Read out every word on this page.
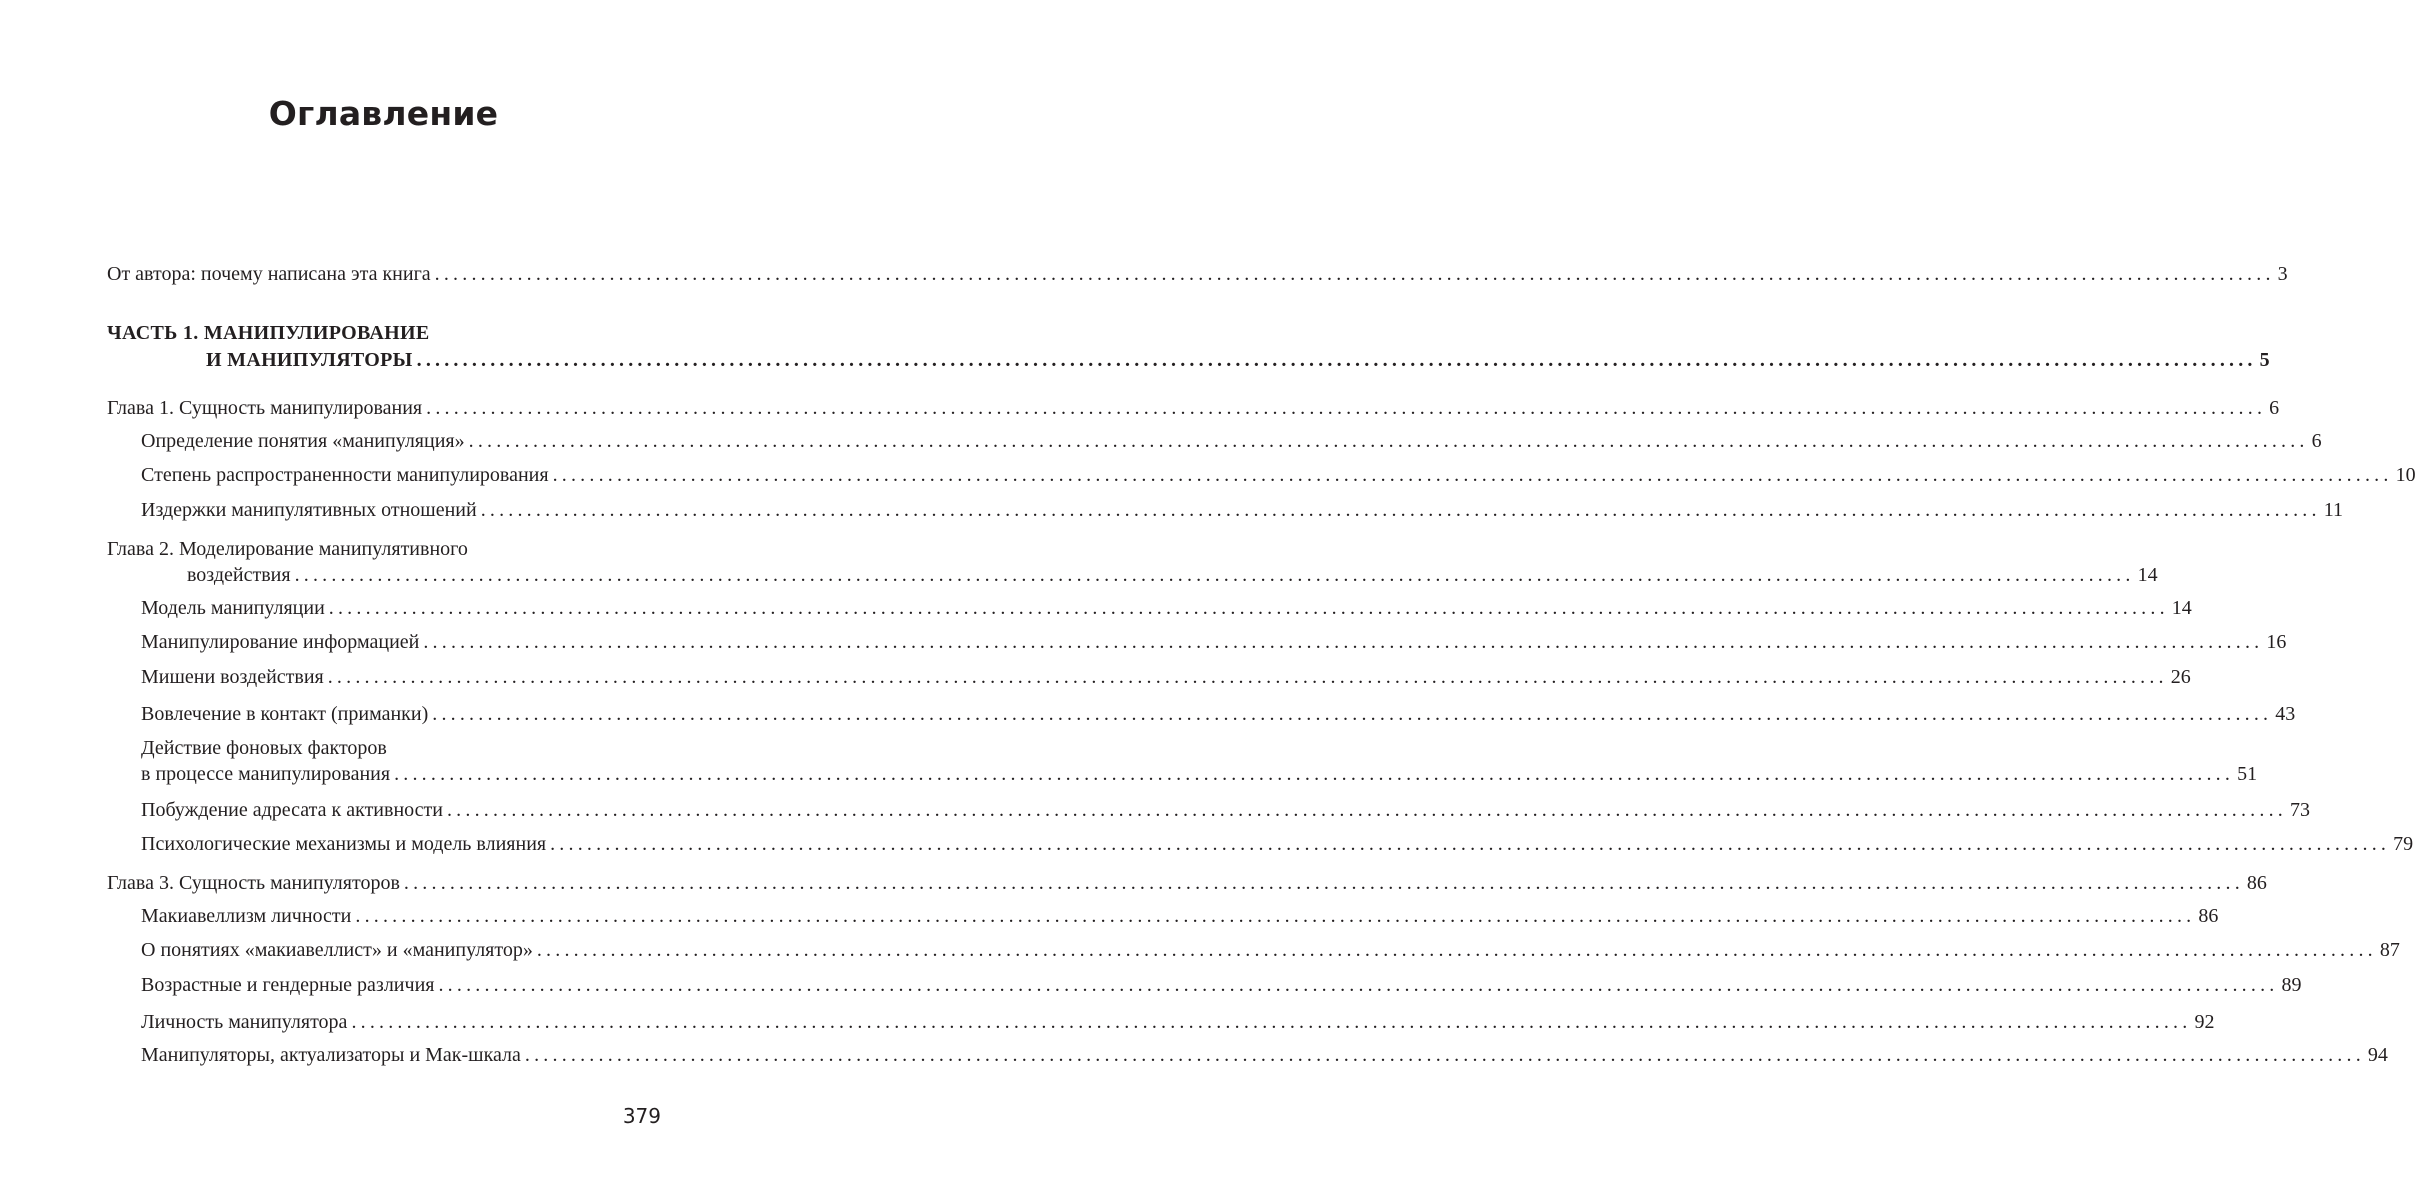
Оглавление
От автора: почему написана эта книга ........................................................................................................................................................................................................ 3
ЧАСТЬ 1. МАНИПУЛИРОВАНИЕ
И МАНИПУЛЯТОРЫ ........................................................................................................................................................................................................ 5
Глава 1. Сущность манипулирования ........................................................................................................................................................................................................ 6
Определение понятия «манипуляция» ........................................................................................................................................................................................................ 6
Степень распространенности манипулирования ........................................................................................................................................................................................................ 10
Издержки манипулятивных отношений ........................................................................................................................................................................................................ 11
Глава 2. Моделирование манипулятивного
воздействия ........................................................................................................................................................................................................ 14
Модель манипуляции ........................................................................................................................................................................................................ 14
Манипулирование информацией ........................................................................................................................................................................................................ 16
Мишени воздействия ........................................................................................................................................................................................................ 26
Вовлечение в контакт (приманки) ........................................................................................................................................................................................................ 43
Действие фоновых факторов
в процессе манипулирования ........................................................................................................................................................................................................ 51
Побуждение адресата к активности ........................................................................................................................................................................................................ 73
Психологические механизмы и модель влияния ........................................................................................................................................................................................................ 79
Глава 3. Сущность манипуляторов ........................................................................................................................................................................................................ 86
Макиавеллизм личности ........................................................................................................................................................................................................ 86
О понятиях «макиавеллист» и «манипулятор» ........................................................................................................................................................................................................ 87
Возрастные и гендерные различия ........................................................................................................................................................................................................ 89
Личность манипулятора ........................................................................................................................................................................................................ 92
Манипуляторы, актуализаторы и Мак-шкала ........................................................................................................................................................................................................ 94
379
